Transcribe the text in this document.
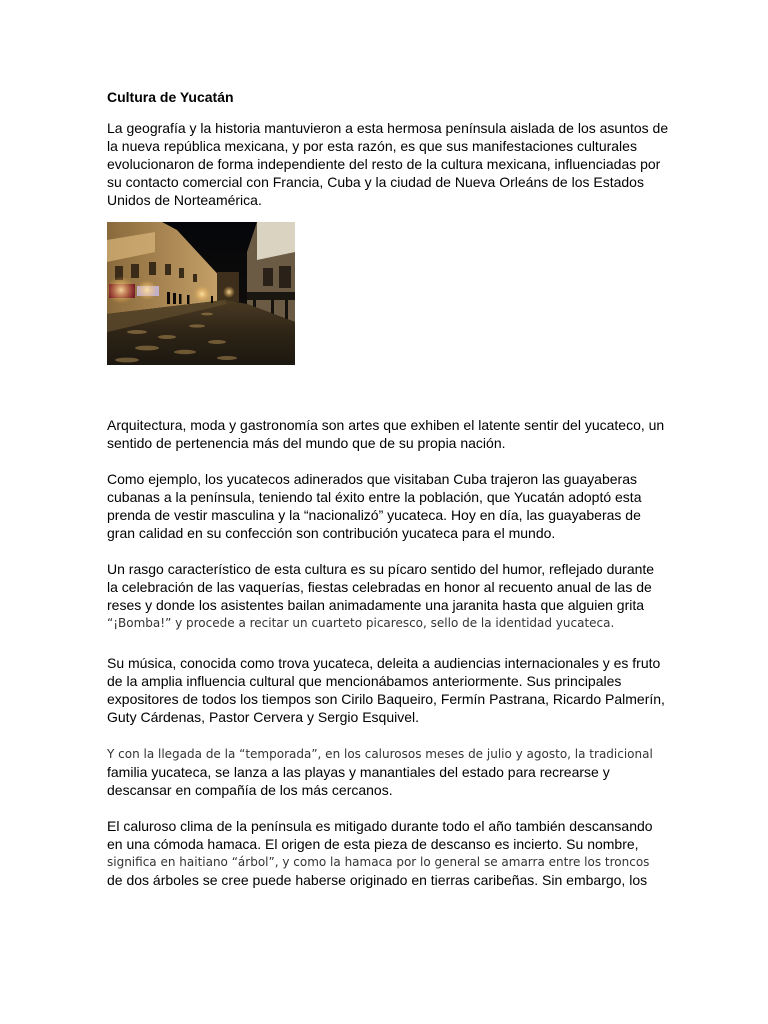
Cultura de Yucatán
La geografía y la historia mantuvieron a esta hermosa península aislada de los asuntos de
la nueva república mexicana, y por esta razón, es que sus manifestaciones culturales
evolucionaron de forma independiente del resto de la cultura mexicana, influenciadas por
su contacto comercial con Francia, Cuba y la ciudad de Nueva Orleáns de los Estados
Unidos de Norteamérica.
Arquitectura, moda y gastronomía son artes que exhiben el latente sentir del yucateco, un
sentido de pertenencia más del mundo que de su propia nación.
Como ejemplo, los yucatecos adinerados que visitaban Cuba trajeron las guayaberas
cubanas a la península, teniendo tal éxito entre la población, que Yucatán adoptó esta
prenda de vestir masculina y la “nacionalizó” yucateca. Hoy en día, las guayaberas de
gran calidad en su confección son contribución yucateca para el mundo.
Un rasgo característico de esta cultura es su pícaro sentido del humor, reflejado durante
la celebración de las vaquerías, fiestas celebradas en honor al recuento anual de las de
reses y donde los asistentes bailan animadamente una jaranita hasta que alguien grita
“¡Bomba!” y procede a recitar un cuarteto picaresco, sello de la identidad yucateca.
Su música, conocida como trova yucateca, deleita a audiencias internacionales y es fruto
de la amplia influencia cultural que mencionábamos anteriormente. Sus principales
expositores de todos los tiempos son Cirilo Baqueiro, Fermín Pastrana, Ricardo Palmerín,
Guty Cárdenas, Pastor Cervera y Sergio Esquivel.
Y con la llegada de la “temporada”, en los calurosos meses de julio y agosto, la tradicional
familia yucateca, se lanza a las playas y manantiales del estado para recrearse y
descansar en compañía de los más cercanos.
El caluroso clima de la península es mitigado durante todo el año también descansando
en una cómoda hamaca. El origen de esta pieza de descanso es incierto. Su nombre,
significa en haitiano “árbol”, y como la hamaca por lo general se amarra entre los troncos
de dos árboles se cree puede haberse originado en tierras caribeñas. Sin embargo, los
